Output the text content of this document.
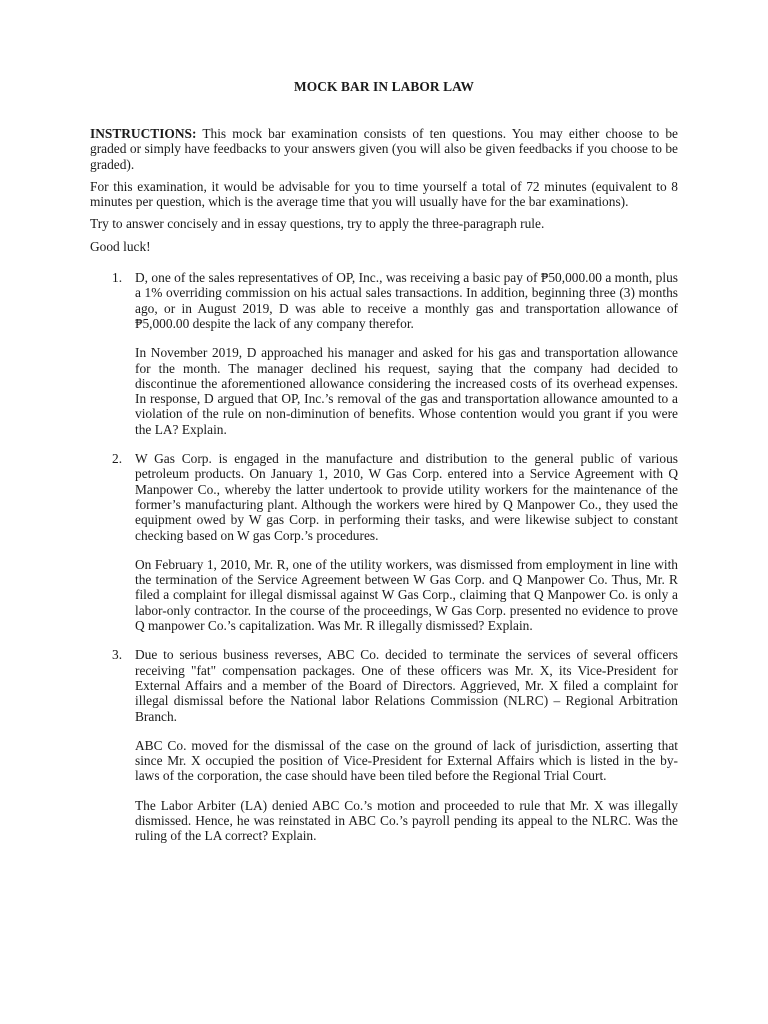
MOCK BAR IN LABOR LAW

INSTRUCTIONS: This mock bar examination consists of ten questions. You may either choose to be graded or simply have feedbacks to your answers given (you will also be given feedbacks if you choose to be graded).

For this examination, it would be advisable for you to time yourself a total of 72 minutes (equivalent to 8 minutes per question, which is the average time that you will usually have for the bar examinations).

Try to answer concisely and in essay questions, try to apply the three-paragraph rule.

Good luck!

1. D, one of the sales representatives of OP, Inc., was receiving a basic pay of ₱50,000.00 a month, plus a 1% overriding commission on his actual sales transactions. In addition, beginning three (3) months ago, or in August 2019, D was able to receive a monthly gas and transportation allowance of ₱5,000.00 despite the lack of any company therefor.

In November 2019, D approached his manager and asked for his gas and transportation allowance for the month. The manager declined his request, saying that the company had decided to discontinue the aforementioned allowance considering the increased costs of its overhead expenses. In response, D argued that OP, Inc.’s removal of the gas and transportation allowance amounted to a violation of the rule on non-diminution of benefits. Whose contention would you grant if you were the LA? Explain.

2. W Gas Corp. is engaged in the manufacture and distribution to the general public of various petroleum products. On January 1, 2010, W Gas Corp. entered into a Service Agreement with Q Manpower Co., whereby the latter undertook to provide utility workers for the maintenance of the former’s manufacturing plant. Although the workers were hired by Q Manpower Co., they used the equipment owed by W gas Corp. in performing their tasks, and were likewise subject to constant checking based on W gas Corp.’s procedures.

On February 1, 2010, Mr. R, one of the utility workers, was dismissed from employment in line with the termination of the Service Agreement between W Gas Corp. and Q Manpower Co. Thus, Mr. R filed a complaint for illegal dismissal against W Gas Corp., claiming that Q Manpower Co. is only a labor-only contractor. In the course of the proceedings, W Gas Corp. presented no evidence to prove Q manpower Co.’s capitalization. Was Mr. R illegally dismissed? Explain.

3. Due to serious business reverses, ABC Co. decided to terminate the services of several officers receiving "fat" compensation packages. One of these officers was Mr. X, its Vice-President for External Affairs and a member of the Board of Directors. Aggrieved, Mr. X filed a complaint for illegal dismissal before the National labor Relations Commission (NLRC) – Regional Arbitration Branch.

ABC Co. moved for the dismissal of the case on the ground of lack of jurisdiction, asserting that since Mr. X occupied the position of Vice-President for External Affairs which is listed in the by-laws of the corporation, the case should have been tiled before the Regional Trial Court.

The Labor Arbiter (LA) denied ABC Co.’s motion and proceeded to rule that Mr. X was illegally dismissed. Hence, he was reinstated in ABC Co.’s payroll pending its appeal to the NLRC. Was the ruling of the LA correct? Explain.
